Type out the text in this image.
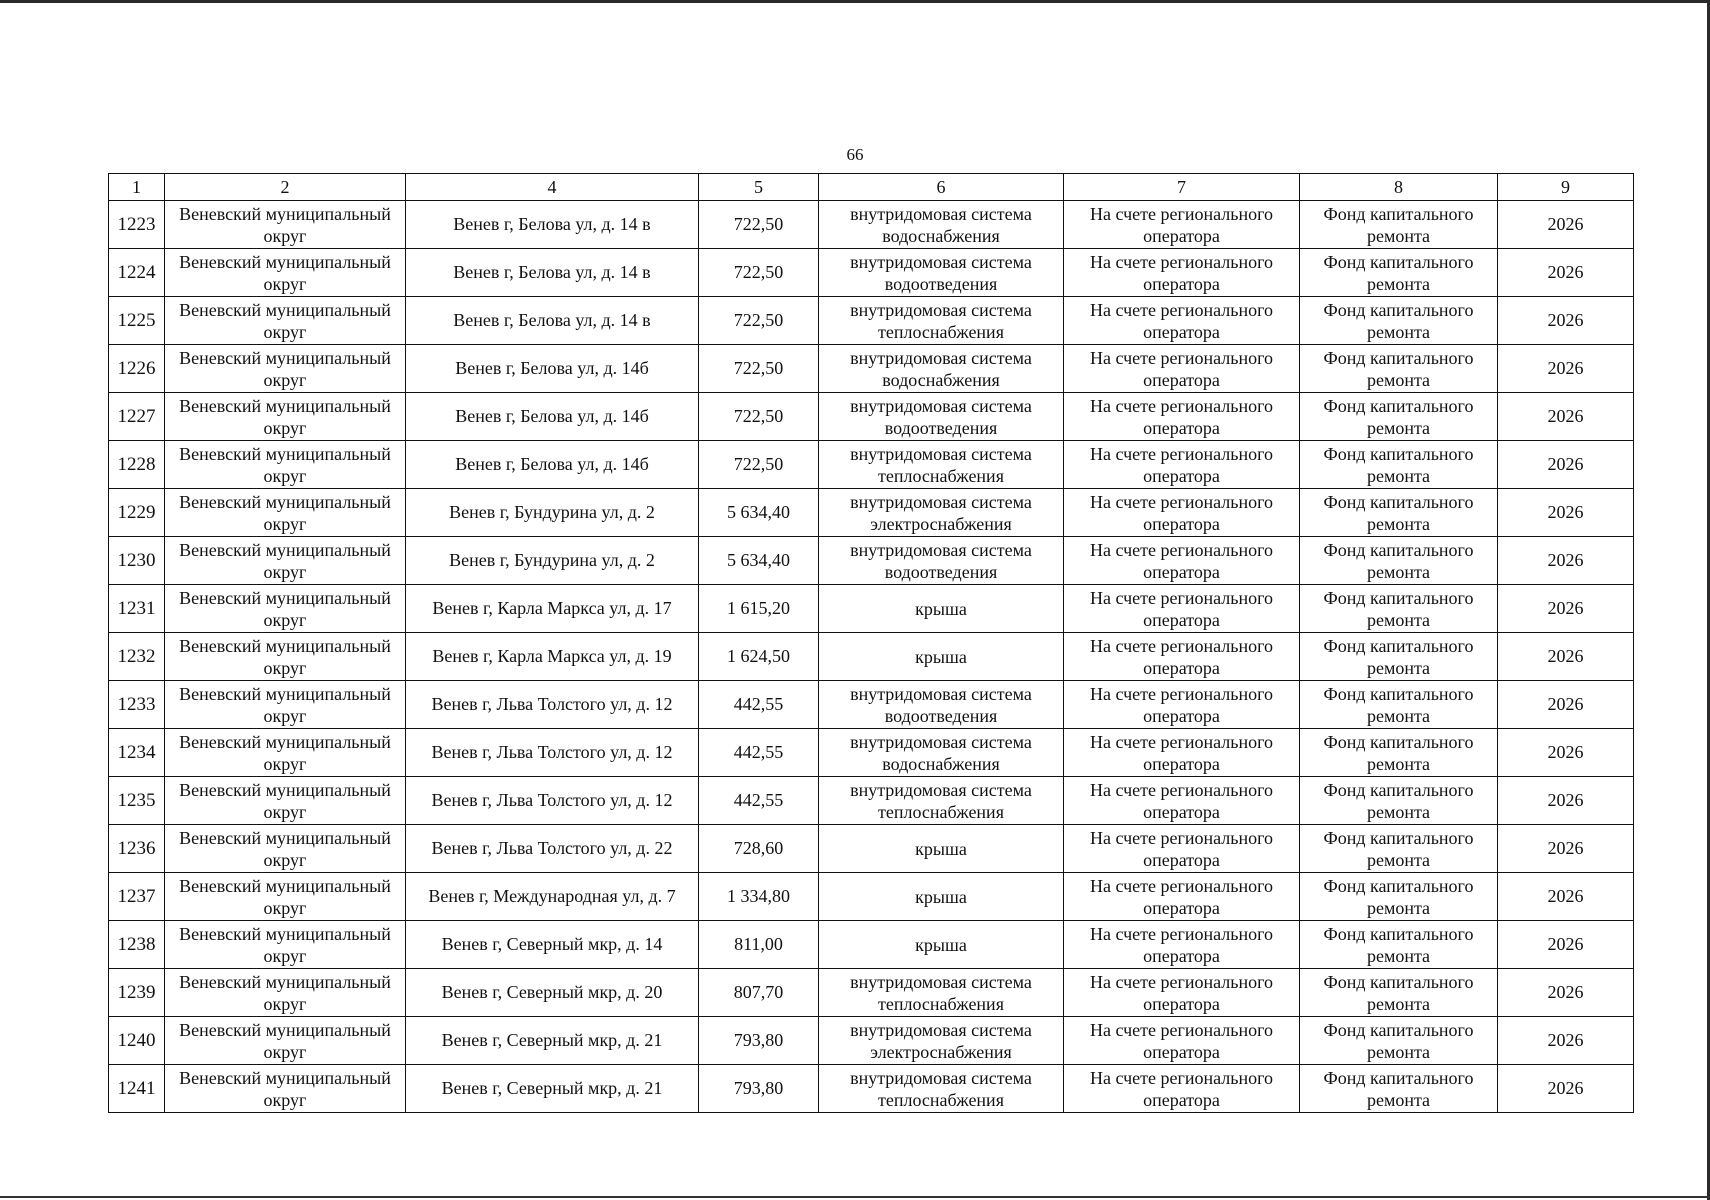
66
1	2	4	5	6	7	8	9
1223	Веневский муниципальный округ	Венев г, Белова ул, д. 14 в	722,50	внутридомовая система водоснабжения	На счете регионального оператора	Фонд капитального ремонта	2026
1224	Веневский муниципальный округ	Венев г, Белова ул, д. 14 в	722,50	внутридомовая система водоотведения	На счете регионального оператора	Фонд капитального ремонта	2026
1225	Веневский муниципальный округ	Венев г, Белова ул, д. 14 в	722,50	внутридомовая система теплоснабжения	На счете регионального оператора	Фонд капитального ремонта	2026
1226	Веневский муниципальный округ	Венев г, Белова ул, д. 14б	722,50	внутридомовая система водоснабжения	На счете регионального оператора	Фонд капитального ремонта	2026
1227	Веневский муниципальный округ	Венев г, Белова ул, д. 14б	722,50	внутридомовая система водоотведения	На счете регионального оператора	Фонд капитального ремонта	2026
1228	Веневский муниципальный округ	Венев г, Белова ул, д. 14б	722,50	внутридомовая система теплоснабжения	На счете регионального оператора	Фонд капитального ремонта	2026
1229	Веневский муниципальный округ	Венев г, Бундурина ул, д. 2	5 634,40	внутридомовая система электроснабжения	На счете регионального оператора	Фонд капитального ремонта	2026
1230	Веневский муниципальный округ	Венев г, Бундурина ул, д. 2	5 634,40	внутридомовая система водоотведения	На счете регионального оператора	Фонд капитального ремонта	2026
1231	Веневский муниципальный округ	Венев г, Карла Маркса ул, д. 17	1 615,20	крыша	На счете регионального оператора	Фонд капитального ремонта	2026
1232	Веневский муниципальный округ	Венев г, Карла Маркса ул, д. 19	1 624,50	крыша	На счете регионального оператора	Фонд капитального ремонта	2026
1233	Веневский муниципальный округ	Венев г, Льва Толстого ул, д. 12	442,55	внутридомовая система водоотведения	На счете регионального оператора	Фонд капитального ремонта	2026
1234	Веневский муниципальный округ	Венев г, Льва Толстого ул, д. 12	442,55	внутридомовая система водоснабжения	На счете регионального оператора	Фонд капитального ремонта	2026
1235	Веневский муниципальный округ	Венев г, Льва Толстого ул, д. 12	442,55	внутридомовая система теплоснабжения	На счете регионального оператора	Фонд капитального ремонта	2026
1236	Веневский муниципальный округ	Венев г, Льва Толстого ул, д. 22	728,60	крыша	На счете регионального оператора	Фонд капитального ремонта	2026
1237	Веневский муниципальный округ	Венев г, Международная ул, д. 7	1 334,80	крыша	На счете регионального оператора	Фонд капитального ремонта	2026
1238	Веневский муниципальный округ	Венев г, Северный мкр, д. 14	811,00	крыша	На счете регионального оператора	Фонд капитального ремонта	2026
1239	Веневский муниципальный округ	Венев г, Северный мкр, д. 20	807,70	внутридомовая система теплоснабжения	На счете регионального оператора	Фонд капитального ремонта	2026
1240	Веневский муниципальный округ	Венев г, Северный мкр, д. 21	793,80	внутридомовая система электроснабжения	На счете регионального оператора	Фонд капитального ремонта	2026
1241	Веневский муниципальный округ	Венев г, Северный мкр, д. 21	793,80	внутридомовая система теплоснабжения	На счете регионального оператора	Фонд капитального ремонта	2026
